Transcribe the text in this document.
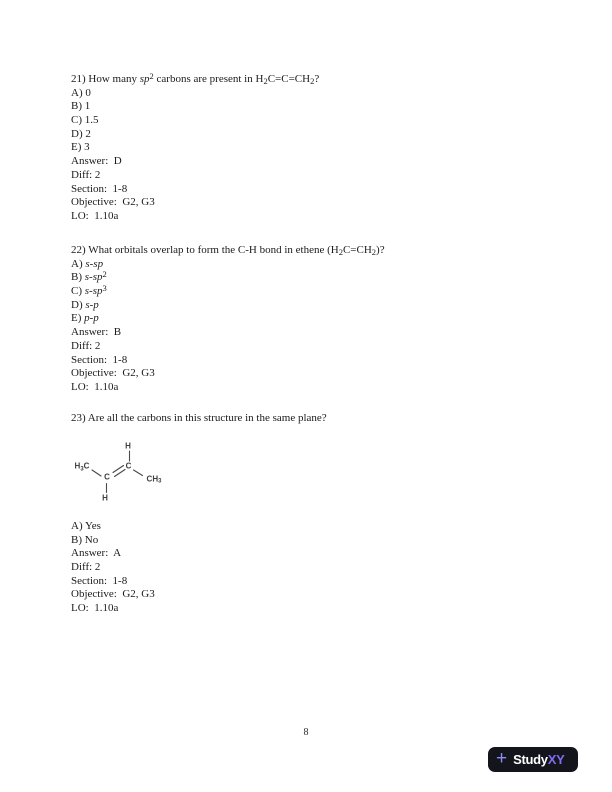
21) How many $sp^2$ carbons are present in $H_2C=C=CH_2$?
A) 0
B) 1
C) 1.5
D) 2
E) 3
Answer:  D
Diff: 2
Section:  1-8
Objective:  G2, G3
LO:  1.10a
22) What orbitals overlap to form the C-H bond in ethene $(H_2C=CH_2)$?
A) s-sp
B) $s-sp^2$
C) $s-sp^3$
D) s-p
E) p-p
Answer:  B
Diff: 2
Section:  1-8
Objective:  G2, G3
LO:  1.10a
23) Are all the carbons in this structure in the same plane?
H
$H_3C$	C
C	$CH_3$
H
A) Yes
B) No
Answer:  A
Diff: 2
Section:  1-8
Objective:  G2, G3
LO:  1.10a
8
+ Study XY
